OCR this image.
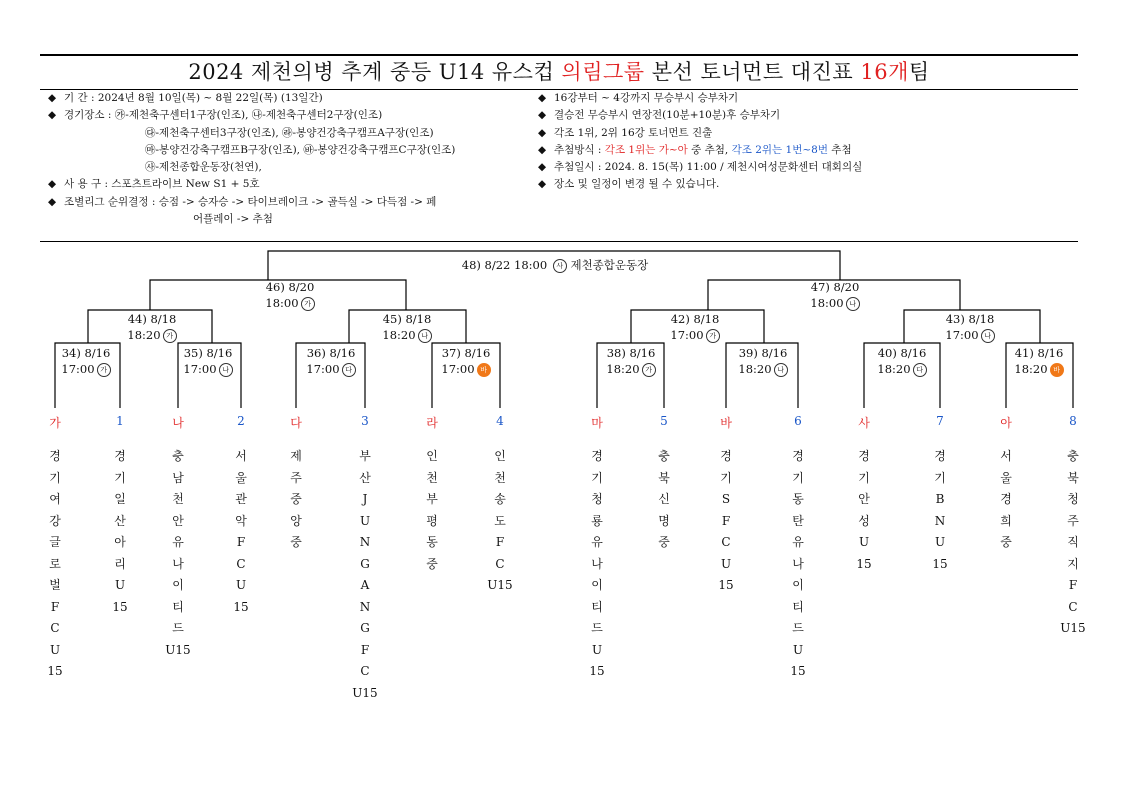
2024 제천의병 추계 중등 U14 유스컵 의림그룹 본선 토너먼트 대진표 16개팀
◆ 기 간 : 2024년 8월 10일(목) ~ 8월 22일(목) (13일간)
◆ 경기장소 : ㉮-제천축구센터1구장(인조), ㉯-제천축구센터2구장(인조)
㉰-제천축구센터3구장(인조), ㉱-봉양건강축구캠프A구장(인조)
㉲-봉양건강축구캠프B구장(인조), ㉳-봉양건강축구캠프C구장(인조)
㉴-제천종합운동장(천연),
◆ 사 용 구 : 스포츠트라이브 New S1 + 5호
◆ 조별리그 순위결정 : 승점 -> 승자승 -> 타이브레이크 -> 골득실 -> 다득점 -> 페
어플레이 -> 추첨
◆ 16강부터 ~ 4강까지 무승부시 승부차기
◆ 결승전 무승부시 연장전(10분+10분)후 승부차기
◆ 각조 1위, 2위 16강 토너먼트 진출
◆ 추첨방식 : 각조 1위는 가~아 중 추첨, 각조 2위는 1번~8번 추첨
◆ 추첨일시 : 2024. 8. 15(목) 11:00 / 제천시여성문화센터 대회의실
◆ 장소 및 일정이 변경 될 수 있습니다.
48) 8/22 18:00 사 제천종합운동장
46) 8/20
18:00 가
47) 8/20
18:00 나
44) 8/18
18:20 가
45) 8/18
18:20 나
42) 8/18
17:00 가
43) 8/18
17:00 나
34) 8/16
17:00 가
35) 8/16
17:00 나
36) 8/16
17:00 다
37) 8/16
17:00 바
38) 8/16
18:20 가
39) 8/16
18:20 나
40) 8/16
18:20 다
41) 8/16
18:20 바
가
경
기
여
강
글
로
벌
F
C
U
15
1
경
기
일
산
아
리
U
15
나
충
남
천
안
유
나
이
티
드
U15
2
서
울
관
악
F
C
U
15
다
제
주
중
앙
중
3
부
산
J
U
N
G
A
N
G
F
C
U15
라
인
천
부
평
동
중
4
인
천
송
도
F
C
U15
마
경
기
청
룡
유
나
이
티
드
U
15
5
충
북
신
명
중
바
경
기
S
F
C
U
15
6
경
기
동
탄
유
나
이
티
드
U
15
사
경
기
안
성
U
15
7
경
기
B
N
U
15
아
서
울
경
희
중
8
충
북
청
주
직
지
F
C
U15
